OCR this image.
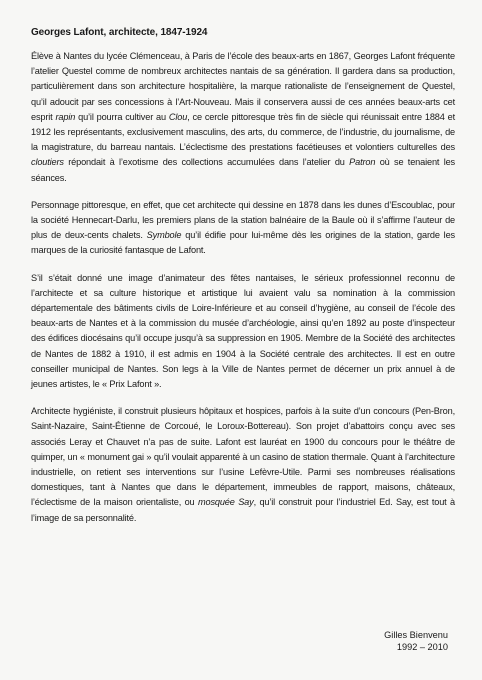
Georges Lafont, architecte, 1847-1924

Élève à Nantes du lycée Clémenceau, à Paris de l’école des beaux-arts en 1867, Georges Lafont fréquente l’atelier Questel comme de nombreux architectes nantais de sa génération. Il gardera dans sa production, particulièrement dans son architecture hospitalière, la marque rationaliste de l’enseignement de Questel, qu’il adoucit par ses concessions à l’Art-Nouveau. Mais il conservera aussi de ces années beaux-arts cet esprit rapin qu’il pourra cultiver au Clou, ce cercle pittoresque très fin de siècle qui réunissait entre 1884 et 1912 les représentants, exclusivement masculins, des arts, du commerce, de l’industrie, du journalisme, de la magistrature, du barreau nantais. L’éclectisme des prestations facétieuses et volontiers culturelles des cloutiers répondait à l’exotisme des collections accumulées dans l’atelier du Patron où se tenaient les séances.

Personnage pittoresque, en effet, que cet architecte qui dessine en 1878 dans les dunes d’Escoublac, pour la société Hennecart-Darlu, les premiers plans de la station balnéaire de la Baule où il s’affirme l’auteur de plus de deux-cents chalets. Symbole qu’il édifie pour lui-même dès les origines de la station, garde les marques de la curiosité fantasque de Lafont.

S’il s’était donné une image d’animateur des fêtes nantaises, le sérieux professionnel reconnu de l’architecte et sa culture historique et artistique lui avaient valu sa nomination à la commission départementale des bâtiments civils de Loire-Inférieure et au conseil d’hygiène, au conseil de l’école des beaux-arts de Nantes et à la commission du musée d’archéologie, ainsi qu’en 1892 au poste d’inspecteur des édifices diocésains qu’il occupe jusqu’à sa suppression en 1905. Membre de la Société des architectes de Nantes de 1882 à 1910, il est admis en 1904 à la Société centrale des architectes. Il est en outre conseiller municipal de Nantes. Son legs à la Ville de Nantes permet de décerner un prix annuel à de jeunes artistes, le « Prix Lafont ».

Architecte hygiéniste, il construit plusieurs hôpitaux et hospices, parfois à la suite d’un concours (Pen-Bron, Saint-Nazaire, Saint-Étienne de Corcoué, le Loroux-Bottereau). Son projet d’abattoirs conçu avec ses associés Leray et Chauvet n’a pas de suite. Lafont est lauréat en 1900 du concours pour le théâtre de quimper, un « monument gai » qu’il voulait apparenté à un casino de station thermale. Quant à l’architecture industrielle, on retient ses interventions sur l’usine Lefèvre-Utile. Parmi ses nombreuses réalisations domestiques, tant à Nantes que dans le département, immeubles de rapport, maisons, châteaux, l’éclectisme de la maison orientaliste, ou mosquée Say, qu’il construit pour l’industriel Ed. Say, est tout à l’image de sa personnalité.

Gilles Bienvenu
1992 – 2010
